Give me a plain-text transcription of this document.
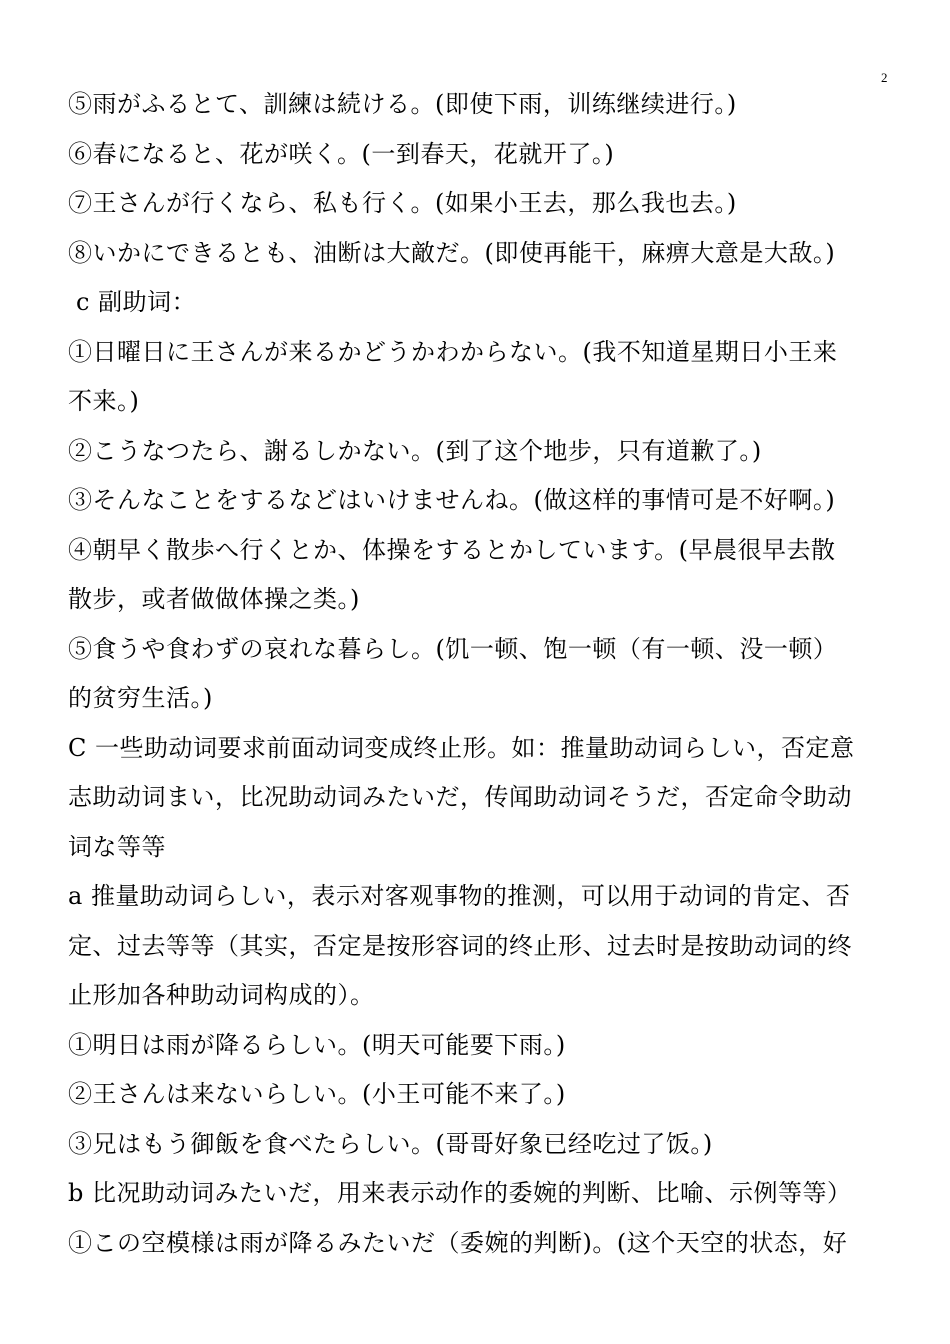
2
⑤雨がふるとて、訓練は続ける。(即使下雨，训练继续进行。)
⑥春になると、花が咲く。(一到春天，花就开了。)
⑦王さんが行くなら、私も行く。(如果小王去，那么我也去。)
⑧いかにできるとも、油断は大敵だ。(即使再能干，麻痹大意是大敌。)
c 副助词：
①日曜日に王さんが来るかどうかわからない。(我不知道星期日小王来
不来。)
②こうなつたら、謝るしかない。(到了这个地步，只有道歉了。)
③そんなことをするなどはいけませんね。(做这样的事情可是不好啊。)
④朝早く散歩へ行くとか、体操をするとかしています。(早晨很早去散
散步，或者做做体操之类。)
⑤食うや食わずの哀れな暮らし。(饥一顿、饱一顿（有一顿、没一顿）
的贫穷生活。)
C 一些助动词要求前面动词变成终止形。如：推量助动词らしい，否定意
志助动词まい，比况助动词みたいだ，传闻助动词そうだ，否定命令助动
词な等等
a 推量助动词らしい，表示对客观事物的推测，可以用于动词的肯定、否
定、过去等等（其实，否定是按形容词的终止形、过去时是按助动词的终
止形加各种助动词构成的）。
①明日は雨が降るらしい。(明天可能要下雨。)
②王さんは来ないらしい。(小王可能不来了。)
③兄はもう御飯を食べたらしい。(哥哥好象已经吃过了饭。)
b 比况助动词みたいだ，用来表示动作的委婉的判断、比喻、示例等等）
①この空模様は雨が降るみたいだ（委婉的判断)。(这个天空的状态，好
